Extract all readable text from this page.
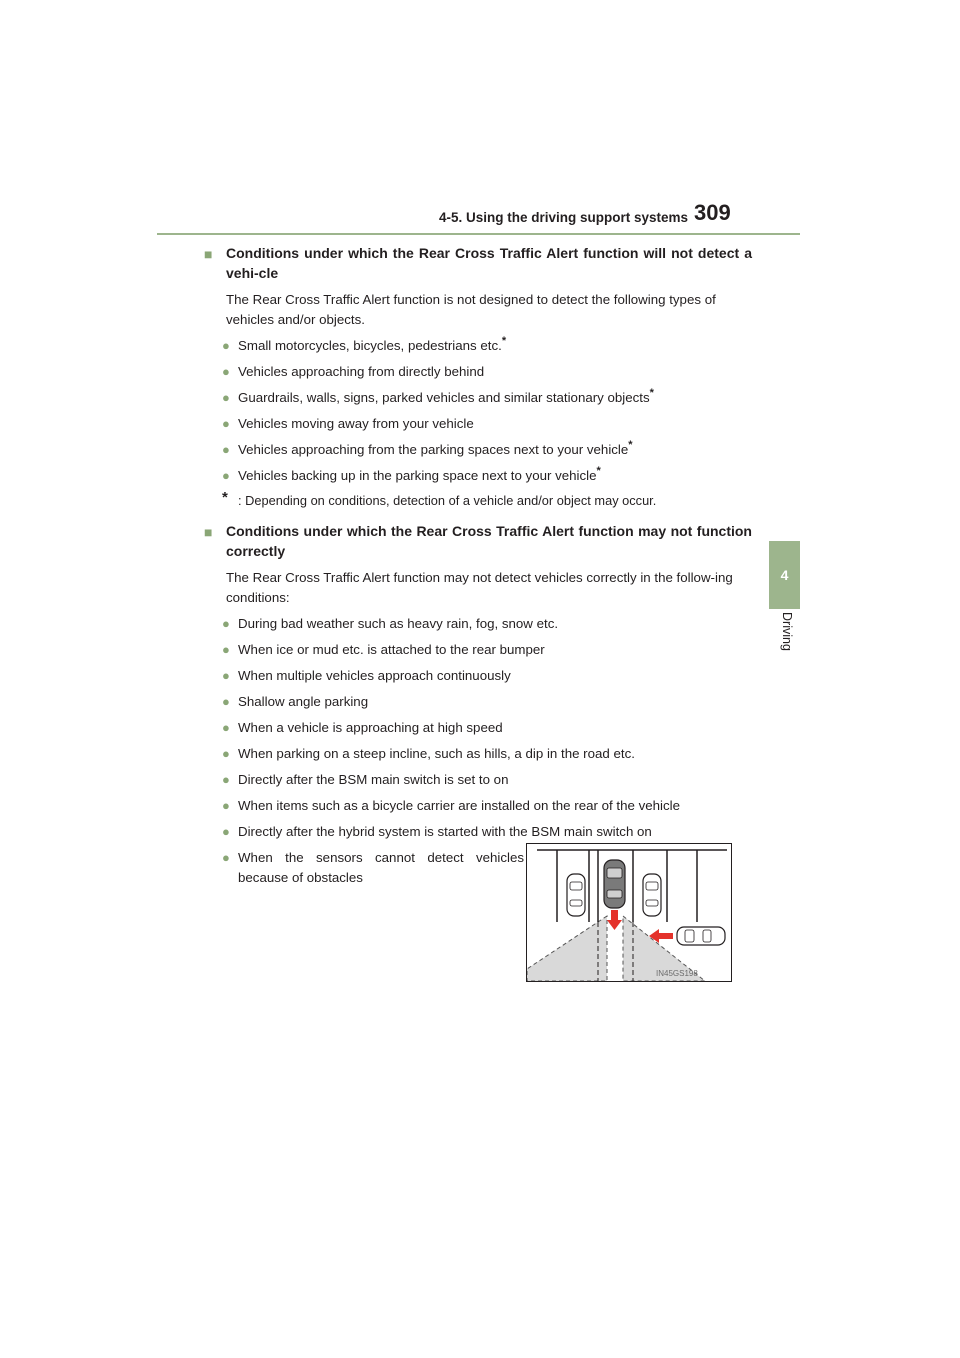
4-5. Using the driving support systems 309
4
Driving
■ Conditions under which the Rear Cross Traffic Alert function will not detect a vehi-cle
The Rear Cross Traffic Alert function is not designed to detect the following types of vehicles and/or objects.
● Small motorcycles, bicycles, pedestrians etc.*
● Vehicles approaching from directly behind
● Guardrails, walls, signs, parked vehicles and similar stationary objects*
● Vehicles moving away from your vehicle
● Vehicles approaching from the parking spaces next to your vehicle*
● Vehicles backing up in the parking space next to your vehicle*
* : Depending on conditions, detection of a vehicle and/or object may occur.
■ Conditions under which the Rear Cross Traffic Alert function may not function correctly
The Rear Cross Traffic Alert function may not detect vehicles correctly in the follow-ing conditions:
● During bad weather such as heavy rain, fog, snow etc.
● When ice or mud etc. is attached to the rear bumper
● When multiple vehicles approach continuously
● Shallow angle parking
● When a vehicle is approaching at high speed
● When parking on a steep incline, such as hills, a dip in the road etc.
● Directly after the BSM main switch is set to on
● When items such as a bicycle carrier are installed on the rear of the vehicle
● Directly after the hybrid system is started with the BSM main switch on
● When the sensors cannot detect vehicles because of obstacles
IN45GS198
